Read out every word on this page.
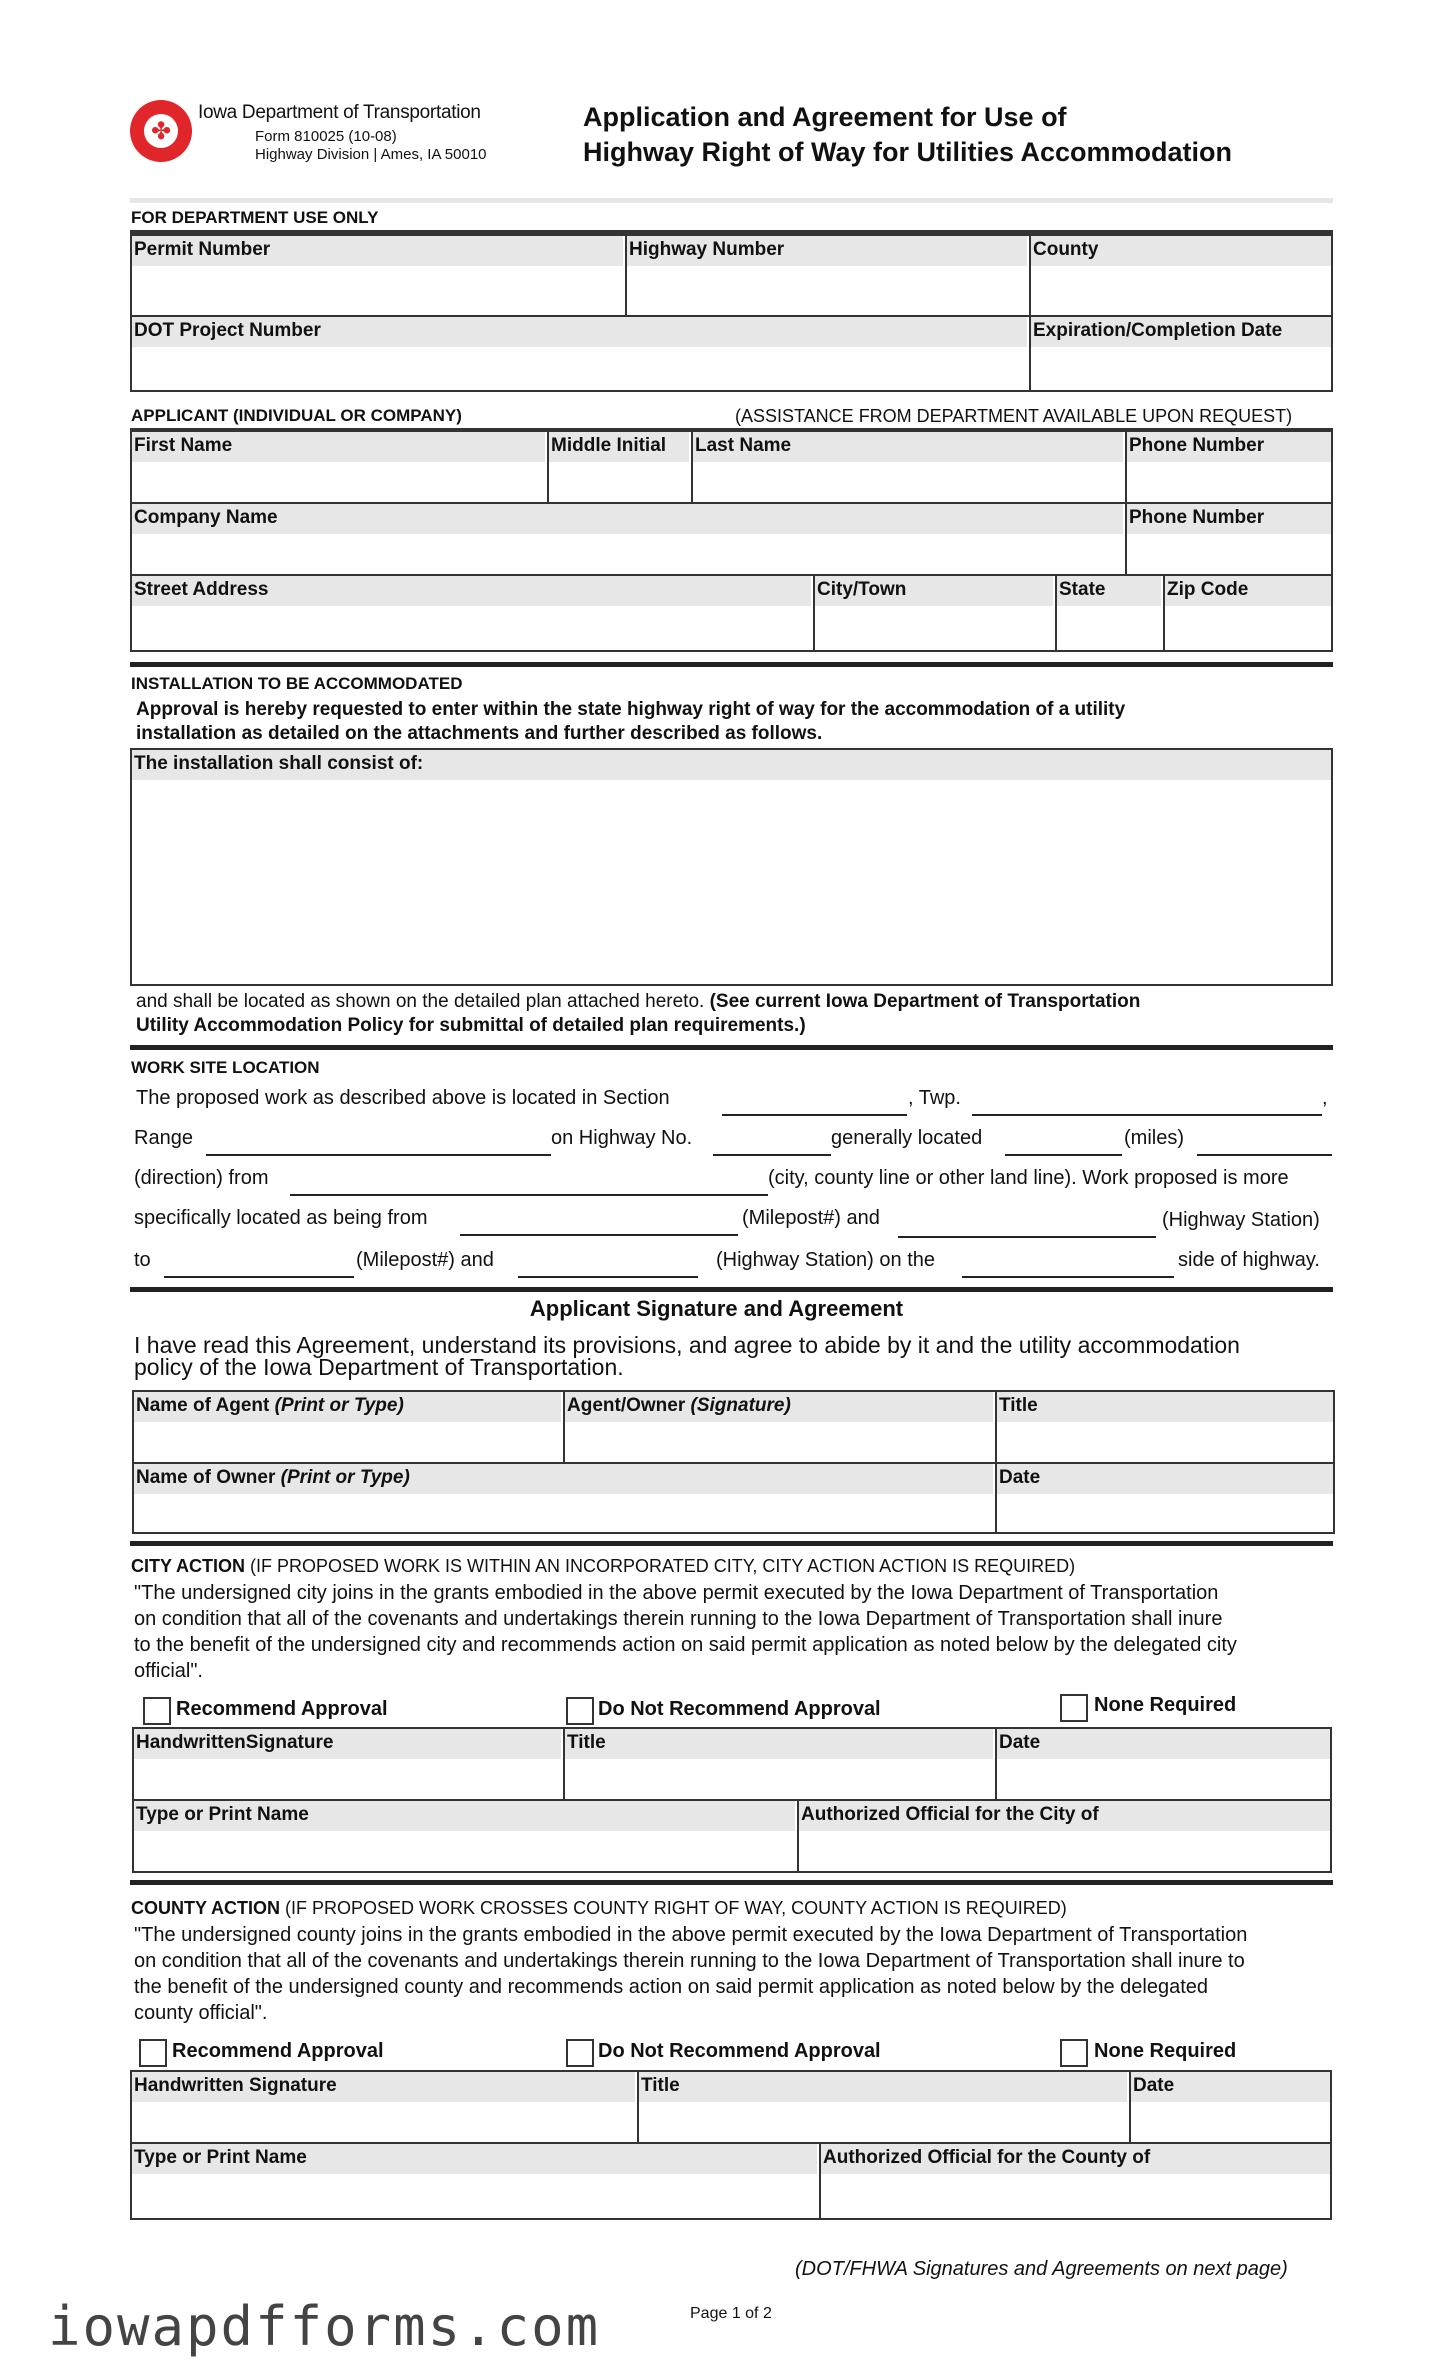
✤
Iowa Department of Transportation
Form 810025 (10-08)
Highway Division | Ames, IA 50010
Application and Agreement for Use of
Highway Right of Way for Utilities Accommodation
FOR DEPARTMENT USE ONLY
Permit Number	Highway Number	County
DOT Project Number	Expiration/Completion Date
APPLICANT (INDIVIDUAL OR COMPANY)	(ASSISTANCE FROM DEPARTMENT AVAILABLE UPON REQUEST)
First Name	Middle Initial	Last Name	Phone Number
Company Name	Phone Number
Street Address	City/Town	State	Zip Code
INSTALLATION TO BE ACCOMMODATED
Approval is hereby requested to enter within the state highway right of way for the accommodation of a utility
installation as detailed on the attachments and further described as follows.
The installation shall consist of:
and shall be located as shown on the detailed plan attached hereto. (See current Iowa Department of Transportation
Utility Accommodation Policy for submittal of detailed plan requirements.)
WORK SITE LOCATION
The proposed work as described above is located in Section	, Twp.	,
Range	on Highway No.	generally located	(miles)
(direction) from	(city, county line or other land line). Work proposed is more
specifically located as being from	(Milepost#) and	(Highway Station)
to	(Milepost#) and	(Highway Station) on the	side of highway.
Applicant Signature and Agreement
I have read this Agreement, understand its provisions, and agree to abide by it and the utility accommodation
policy of the Iowa Department of Transportation.
Name of Agent (Print or Type)	Agent/Owner (Signature)	Title
Name of Owner (Print or Type)	Date
CITY ACTION (IF PROPOSED WORK IS WITHIN AN INCORPORATED CITY, CITY ACTION ACTION IS REQUIRED)
"The undersigned city joins in the grants embodied in the above permit executed by the Iowa Department of Transportation
on condition that all of the covenants and undertakings therein running to the Iowa Department of Transportation shall inure
to the benefit of the undersigned city and recommends action on said permit application as noted below by the delegated city
official".
Recommend Approval	Do Not Recommend Approval	None Required
HandwrittenSignature	Title	Date
Type or Print Name	Authorized Official for the City of
COUNTY ACTION (IF PROPOSED WORK CROSSES COUNTY RIGHT OF WAY, COUNTY ACTION IS REQUIRED)
"The undersigned county joins in the grants embodied in the above permit executed by the Iowa Department of Transportation
on condition that all of the covenants and undertakings therein running to the Iowa Department of Transportation shall inure to
the benefit of the undersigned county and recommends action on said permit application as noted below by the delegated
county official".
Recommend Approval	Do Not Recommend Approval	None Required
Handwritten Signature	Title	Date
Type or Print Name	Authorized Official for the County of
(DOT/FHWA Signatures and Agreements on next page)
Page 1 of 2
iowapdfforms.com
